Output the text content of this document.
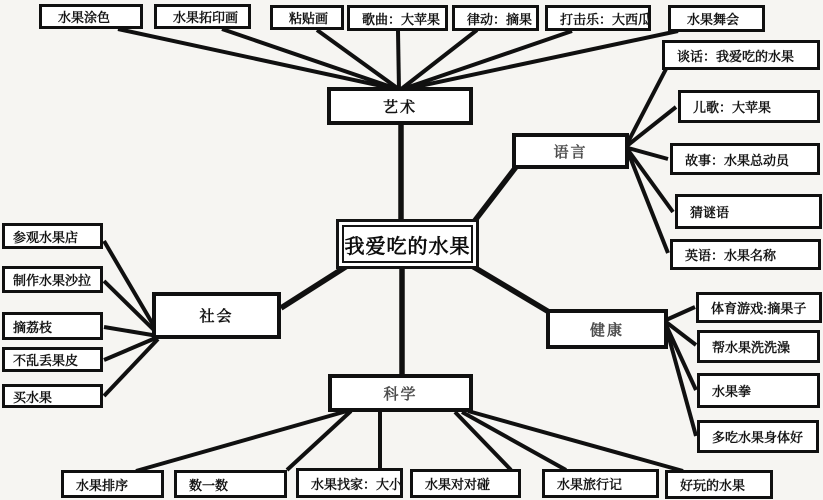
我爱吃的水果
艺术
语言
社会
健康
科学
水果涂色	水果拓印画	粘贴画	歌曲：大苹果	律动：摘果	打击乐：大西瓜	水果舞会
谈话：我爱吃的水果
儿歌：大苹果
故事：水果总动员
猜谜语
英语：水果名称
参观水果店
制作水果沙拉
摘荔枝
不乱丢果皮
买水果
体育游戏:摘果子
帮水果洗洗澡
水果拳
多吃水果身体好
水果排序	数一数	水果找家：大小	水果对对碰	水果旅行记	好玩的水果
